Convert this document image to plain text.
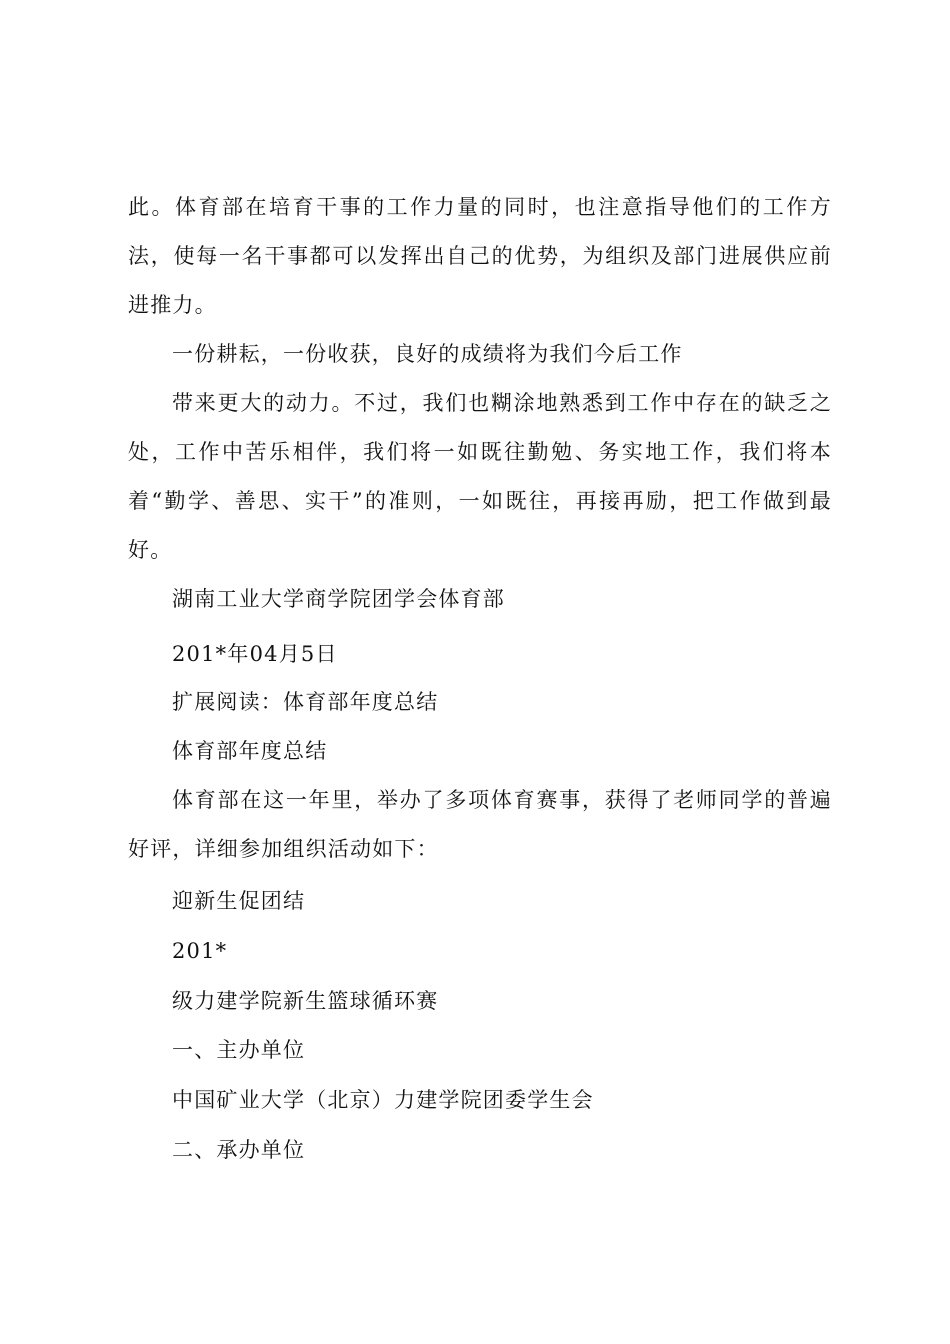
此。体育部在培育干事的工作力量的同时，也注意指导他们的工作方法，使每一名干事都可以发挥出自己的优势，为组织及部门进展供应前进推力。

一份耕耘，一份收获，良好的成绩将为我们今后工作

带来更大的动力。不过，我们也糊涂地熟悉到工作中存在的缺乏之处，工作中苦乐相伴，我们将一如既往勤勉、务实地工作，我们将本着“勤学、善思、实干”的准则，一如既往，再接再励，把工作做到最好。

湖南工业大学商学院团学会体育部

201*年04月5日

扩展阅读：体育部年度总结

体育部年度总结

体育部在这一年里，举办了多项体育赛事，获得了老师同学的普遍好评，详细参加组织活动如下：

迎新生促团结

201*

级力建学院新生篮球循环赛

一、主办单位

中国矿业大学（北京）力建学院团委学生会

二、承办单位
